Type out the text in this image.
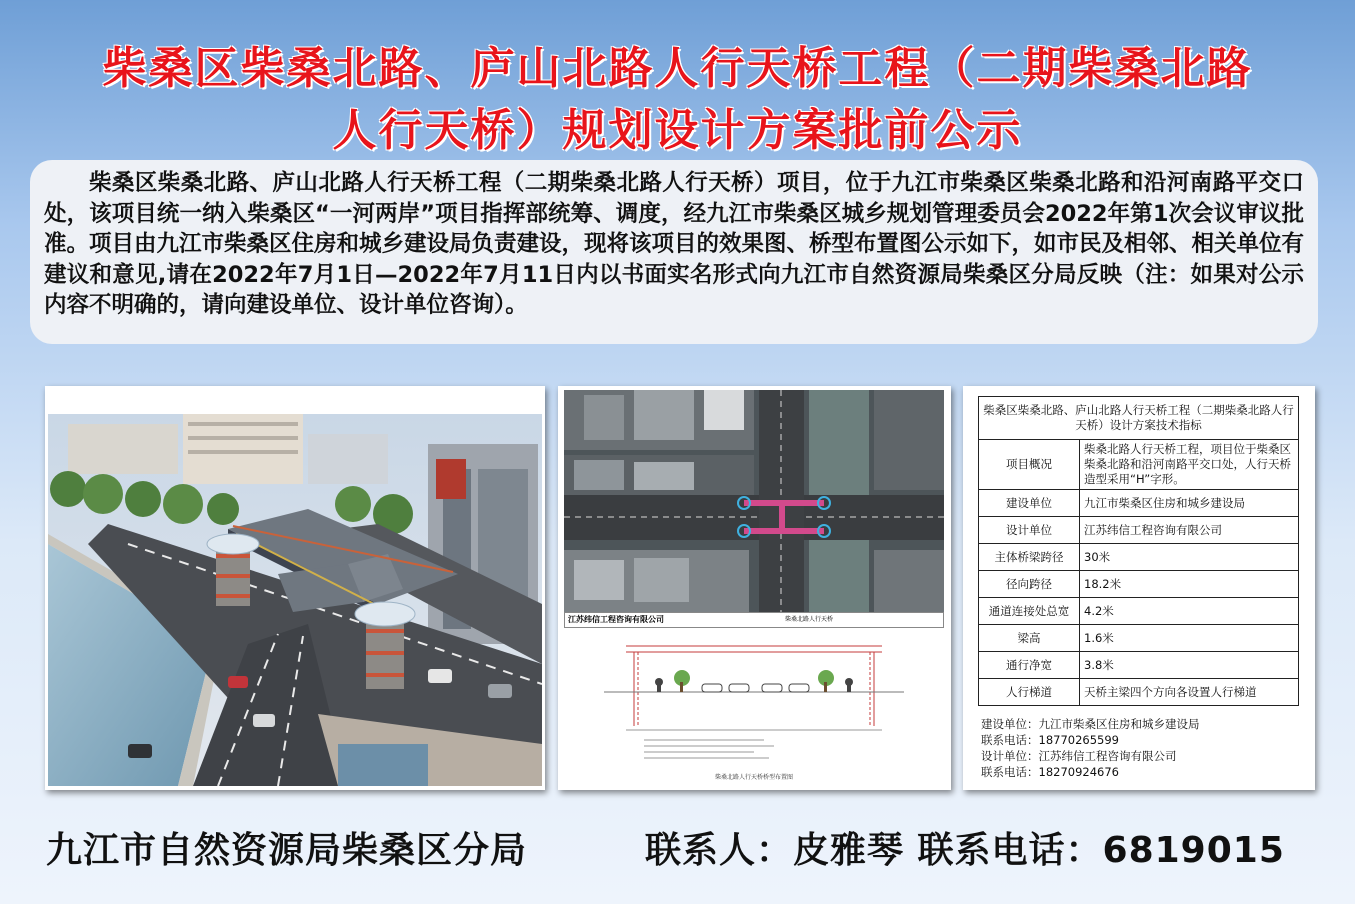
柴桑区柴桑北路、庐山北路人行天桥工程（二期柴桑北路
人行天桥）规划设计方案批前公示
柴桑区柴桑北路、庐山北路人行天桥工程（二期柴桑北路人行天桥）项目，位于九江市柴桑区柴桑北路和沿河南路平交口处，该项目统一纳入柴桑区“一河两岸”项目指挥部统筹、调度，经九江市柴桑区城乡规划管理委员会2022年第1次会议审议批准。项目由九江市柴桑区住房和城乡建设局负责建设，现将该项目的效果图、桥型布置图公示如下，如市民及相邻、相关单位有建议和意见,请在2022年7月1日—2022年7月11日内以书面实名形式向九江市自然资源局柴桑区分局反映（注：如果对公示内容不明确的，请向建设单位、设计单位咨询）。
江苏纬信工程咨询有限公司	柴桑北路人行天桥
柴桑北路人行天桥桥型布置图
柴桑区柴桑北路、庐山北路人行天桥工程（二期柴桑北路人行天桥）设计方案技术指标	
项目概况	柴桑北路人行天桥工程，项目位于柴桑区柴桑北路和沿河南路平交口处，人行天桥造型采用“H”字形。
建设单位	九江市柴桑区住房和城乡建设局
设计单位	江苏纬信工程咨询有限公司
主体桥梁跨径	30米
径向跨径	18.2米
通道连接处总宽	4.2米
梁高	1.6米
通行净宽	3.8米
人行梯道	天桥主梁四个方向各设置人行梯道
建设单位：九江市柴桑区住房和城乡建设局
联系电话：18770265599
设计单位：江苏纬信工程咨询有限公司
联系电话：18270924676
九江市自然资源局柴桑区分局	联系人：皮雅琴 联系电话：6819015
